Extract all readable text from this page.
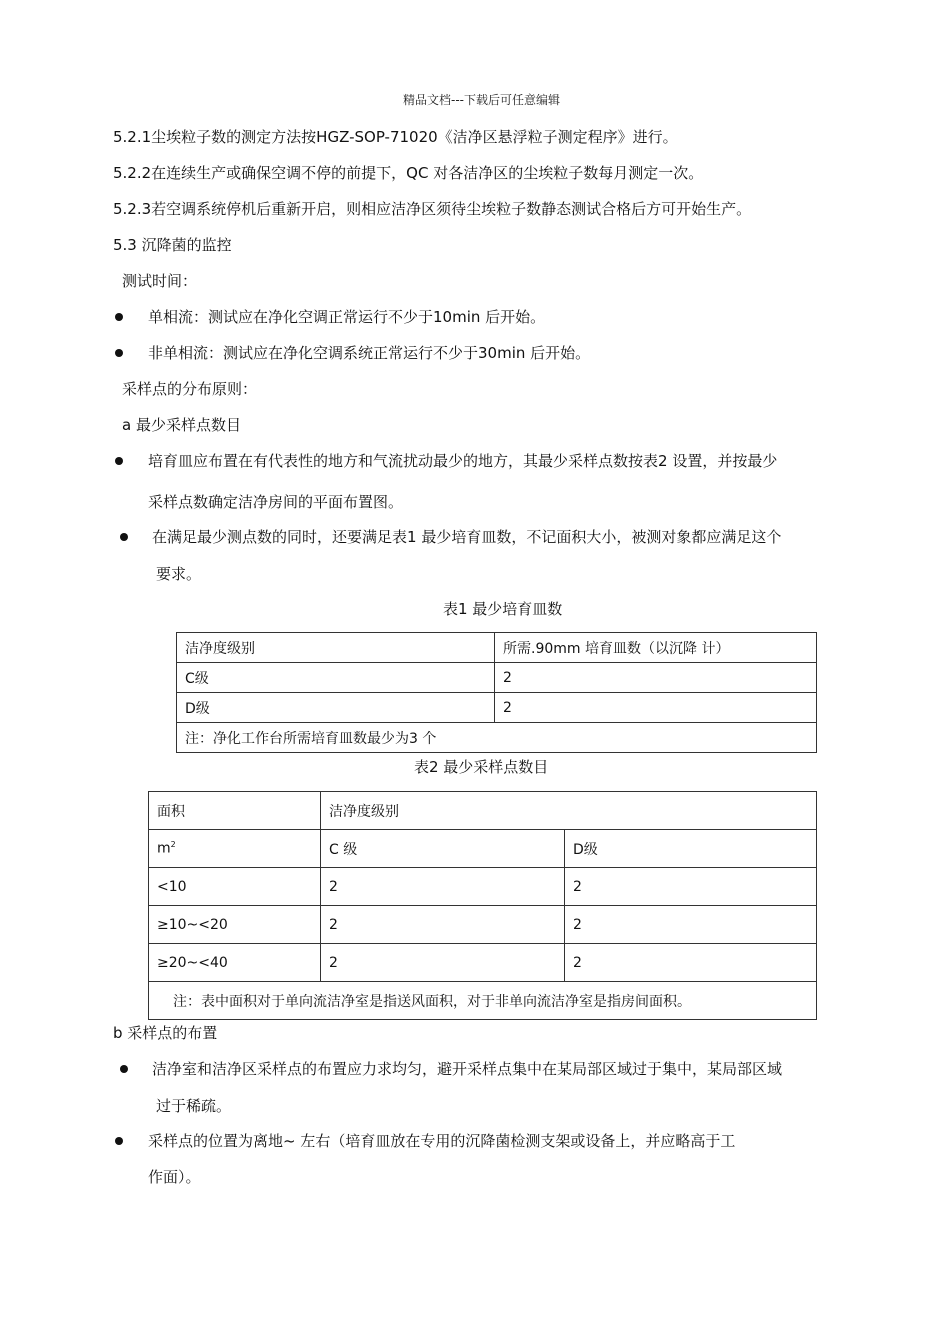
精品文档---下载后可任意编辑
5.2.1尘埃粒子数的测定方法按HGZ-SOP-71020《洁净区悬浮粒子测定程序》进行。
5.2.2在连续生产或确保空调不停的前提下，QC 对各洁净区的尘埃粒子数每月测定一次。
5.2.3若空调系统停机后重新开启，则相应洁净区须待尘埃粒子数静态测试合格后方可开始生产。
5.3 沉降菌的监控
测试时间：
单相流：测试应在净化空调正常运行不少于10min 后开始。
非单相流：测试应在净化空调系统正常运行不少于30min 后开始。
采样点的分布原则：
a 最少采样点数目
培育皿应布置在有代表性的地方和气流扰动最少的地方，其最少采样点数按表2 设置，并按最少
采样点数确定洁净房间的平面布置图。
在满足最少测点数的同时，还要满足表1 最少培育皿数，不记面积大小，被测对象都应满足这个
要求。
表1 最少培育皿数
洁净度级别	所需.90mm 培育皿数（以沉降 计）
C级	2
D级	2
注：净化工作台所需培育皿数最少为3 个	
表2 最少采样点数目
面积	洁净度级别	
$m^2$	C 级	D级
<10	2	2
≥10~<20	2	2
≥20~<40	2	2
注：表中面积对于单向流洁净室是指送风面积，对于非单向流洁净室是指房间面积。		
b 采样点的布置
洁净室和洁净区采样点的布置应力求均匀，避开采样点集中在某局部区域过于集中，某局部区域
过于稀疏。
采样点的位置为离地~ 左右（培育皿放在专用的沉降菌检测支架或设备上，并应略高于工
作面）。
